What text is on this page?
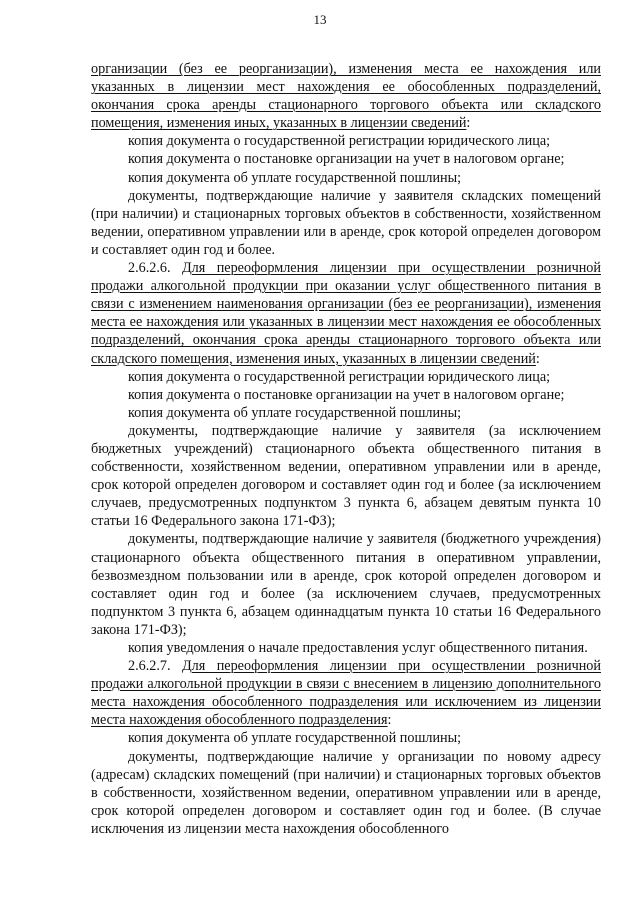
13

организации (без ее реорганизации), изменения места ее нахождения или указанных в лицензии мест нахождения ее обособленных подразделений, окончания срока аренды стационарного торгового объекта или складского помещения, изменения иных, указанных в лицензии сведений:

копия документа о государственной регистрации юридического лица;

копия документа о постановке организации на учет в налоговом органе;

копия документа об уплате государственной пошлины;

документы, подтверждающие наличие у заявителя складских помещений (при наличии) и стационарных торговых объектов в собственности, хозяйственном ведении, оперативном управлении или в аренде, срок которой определен договором и составляет один год и более.

2.6.2.6. Для переоформления лицензии при осуществлении розничной продажи алкогольной продукции при оказании услуг общественного питания в связи с изменением наименования организации (без ее реорганизации), изменения места ее нахождения или указанных в лицензии мест нахождения ее обособленных подразделений, окончания срока аренды стационарного торгового объекта или складского помещения, изменения иных, указанных в лицензии сведений:

копия документа о государственной регистрации юридического лица;

копия документа о постановке организации на учет в налоговом органе;

копия документа об уплате государственной пошлины;

документы, подтверждающие наличие у заявителя (за исключением бюджетных учреждений) стационарного объекта общественного питания в собственности, хозяйственном ведении, оперативном управлении или в аренде, срок которой определен договором и составляет один год и более (за исключением случаев, предусмотренных подпунктом 3 пункта 6, абзацем девятым пункта 10 статьи 16 Федерального закона 171-ФЗ);

документы, подтверждающие наличие у заявителя (бюджетного учреждения) стационарного объекта общественного питания в оперативном управлении, безвозмездном пользовании или в аренде, срок которой определен договором и составляет один год и более (за исключением случаев, предусмотренных подпунктом 3 пункта 6, абзацем одиннадцатым пункта 10 статьи 16 Федерального закона 171-ФЗ);

копия уведомления о начале предоставления услуг общественного питания.

2.6.2.7. Для переоформления лицензии при осуществлении розничной продажи алкогольной продукции в связи с внесением в лицензию дополнительного места нахождения обособленного подразделения или исключением из лицензии места нахождения обособленного подразделения:

копия документа об уплате государственной пошлины;

документы, подтверждающие наличие у организации по новому адресу (адресам) складских помещений (при наличии) и стационарных торговых объектов в собственности, хозяйственном ведении, оперативном управлении или в аренде, срок которой определен договором и составляет один год и более. (В случае исключения из лицензии места нахождения обособленного
